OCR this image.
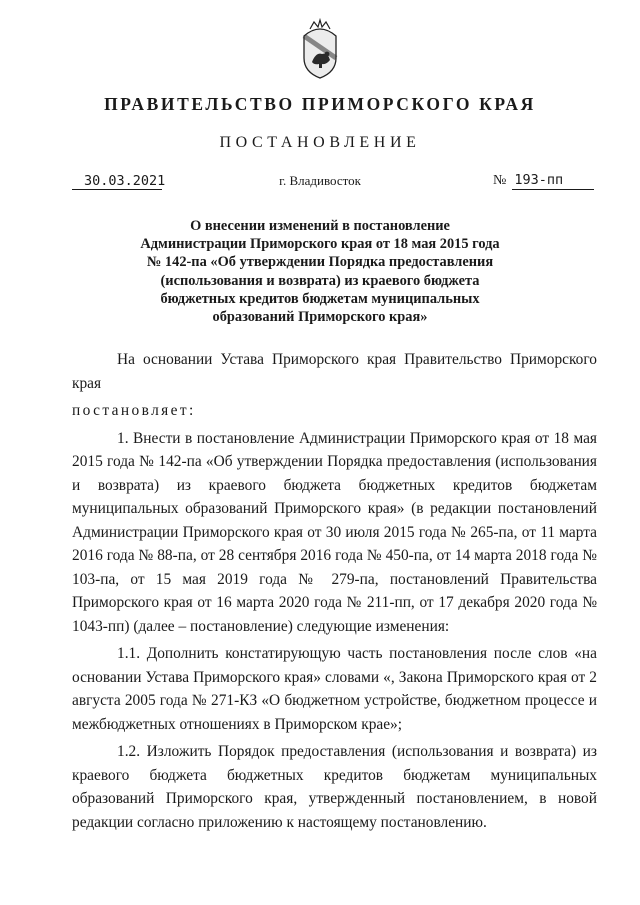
ПРАВИТЕЛЬСТВО ПРИМОРСКОГО КРАЯ
ПОСТАНОВЛЕНИЕ
30.03.2021	г. Владивосток	№ 193-пп
О внесении изменений в постановление
Администрации Приморского края от 18 мая 2015 года
№ 142-па «Об утверждении Порядка предоставления
(использования и возврата) из краевого бюджета
бюджетных кредитов бюджетам муниципальных
образований Приморского края»

На основании Устава Приморского края Правительство Приморского края

постановляет:

1. Внести в постановление Администрации Приморского края от 18 мая 2015 года № 142-па «Об утверждении Порядка предоставления (использования и возврата) из краевого бюджета бюджетных кредитов бюджетам муниципальных образований Приморского края» (в редакции постановлений Администрации Приморского края от 30 июля 2015 года № 265-па, от 11 марта 2016 года № 88-па, от 28 сентября 2016 года № 450-па, от 14 марта 2018 года № 103-па, от 15 мая 2019 года № 279-па, постановлений Правительства Приморского края от 16 марта 2020 года № 211-пп, от 17 декабря 2020 года № 1043-пп) (далее – постановление) следующие изменения:

1.1. Дополнить констатирующую часть постановления после слов «на основании Устава Приморского края» словами «, Закона Приморского края от 2 августа 2005 года № 271-КЗ «О бюджетном устройстве, бюджетном процессе и межбюджетных отношениях в Приморском крае»;

1.2. Изложить Порядок предоставления (использования и возврата) из краевого бюджета бюджетных кредитов бюджетам муниципальных образований Приморского края, утвержденный постановлением, в новой редакции согласно приложению к настоящему постановлению.
